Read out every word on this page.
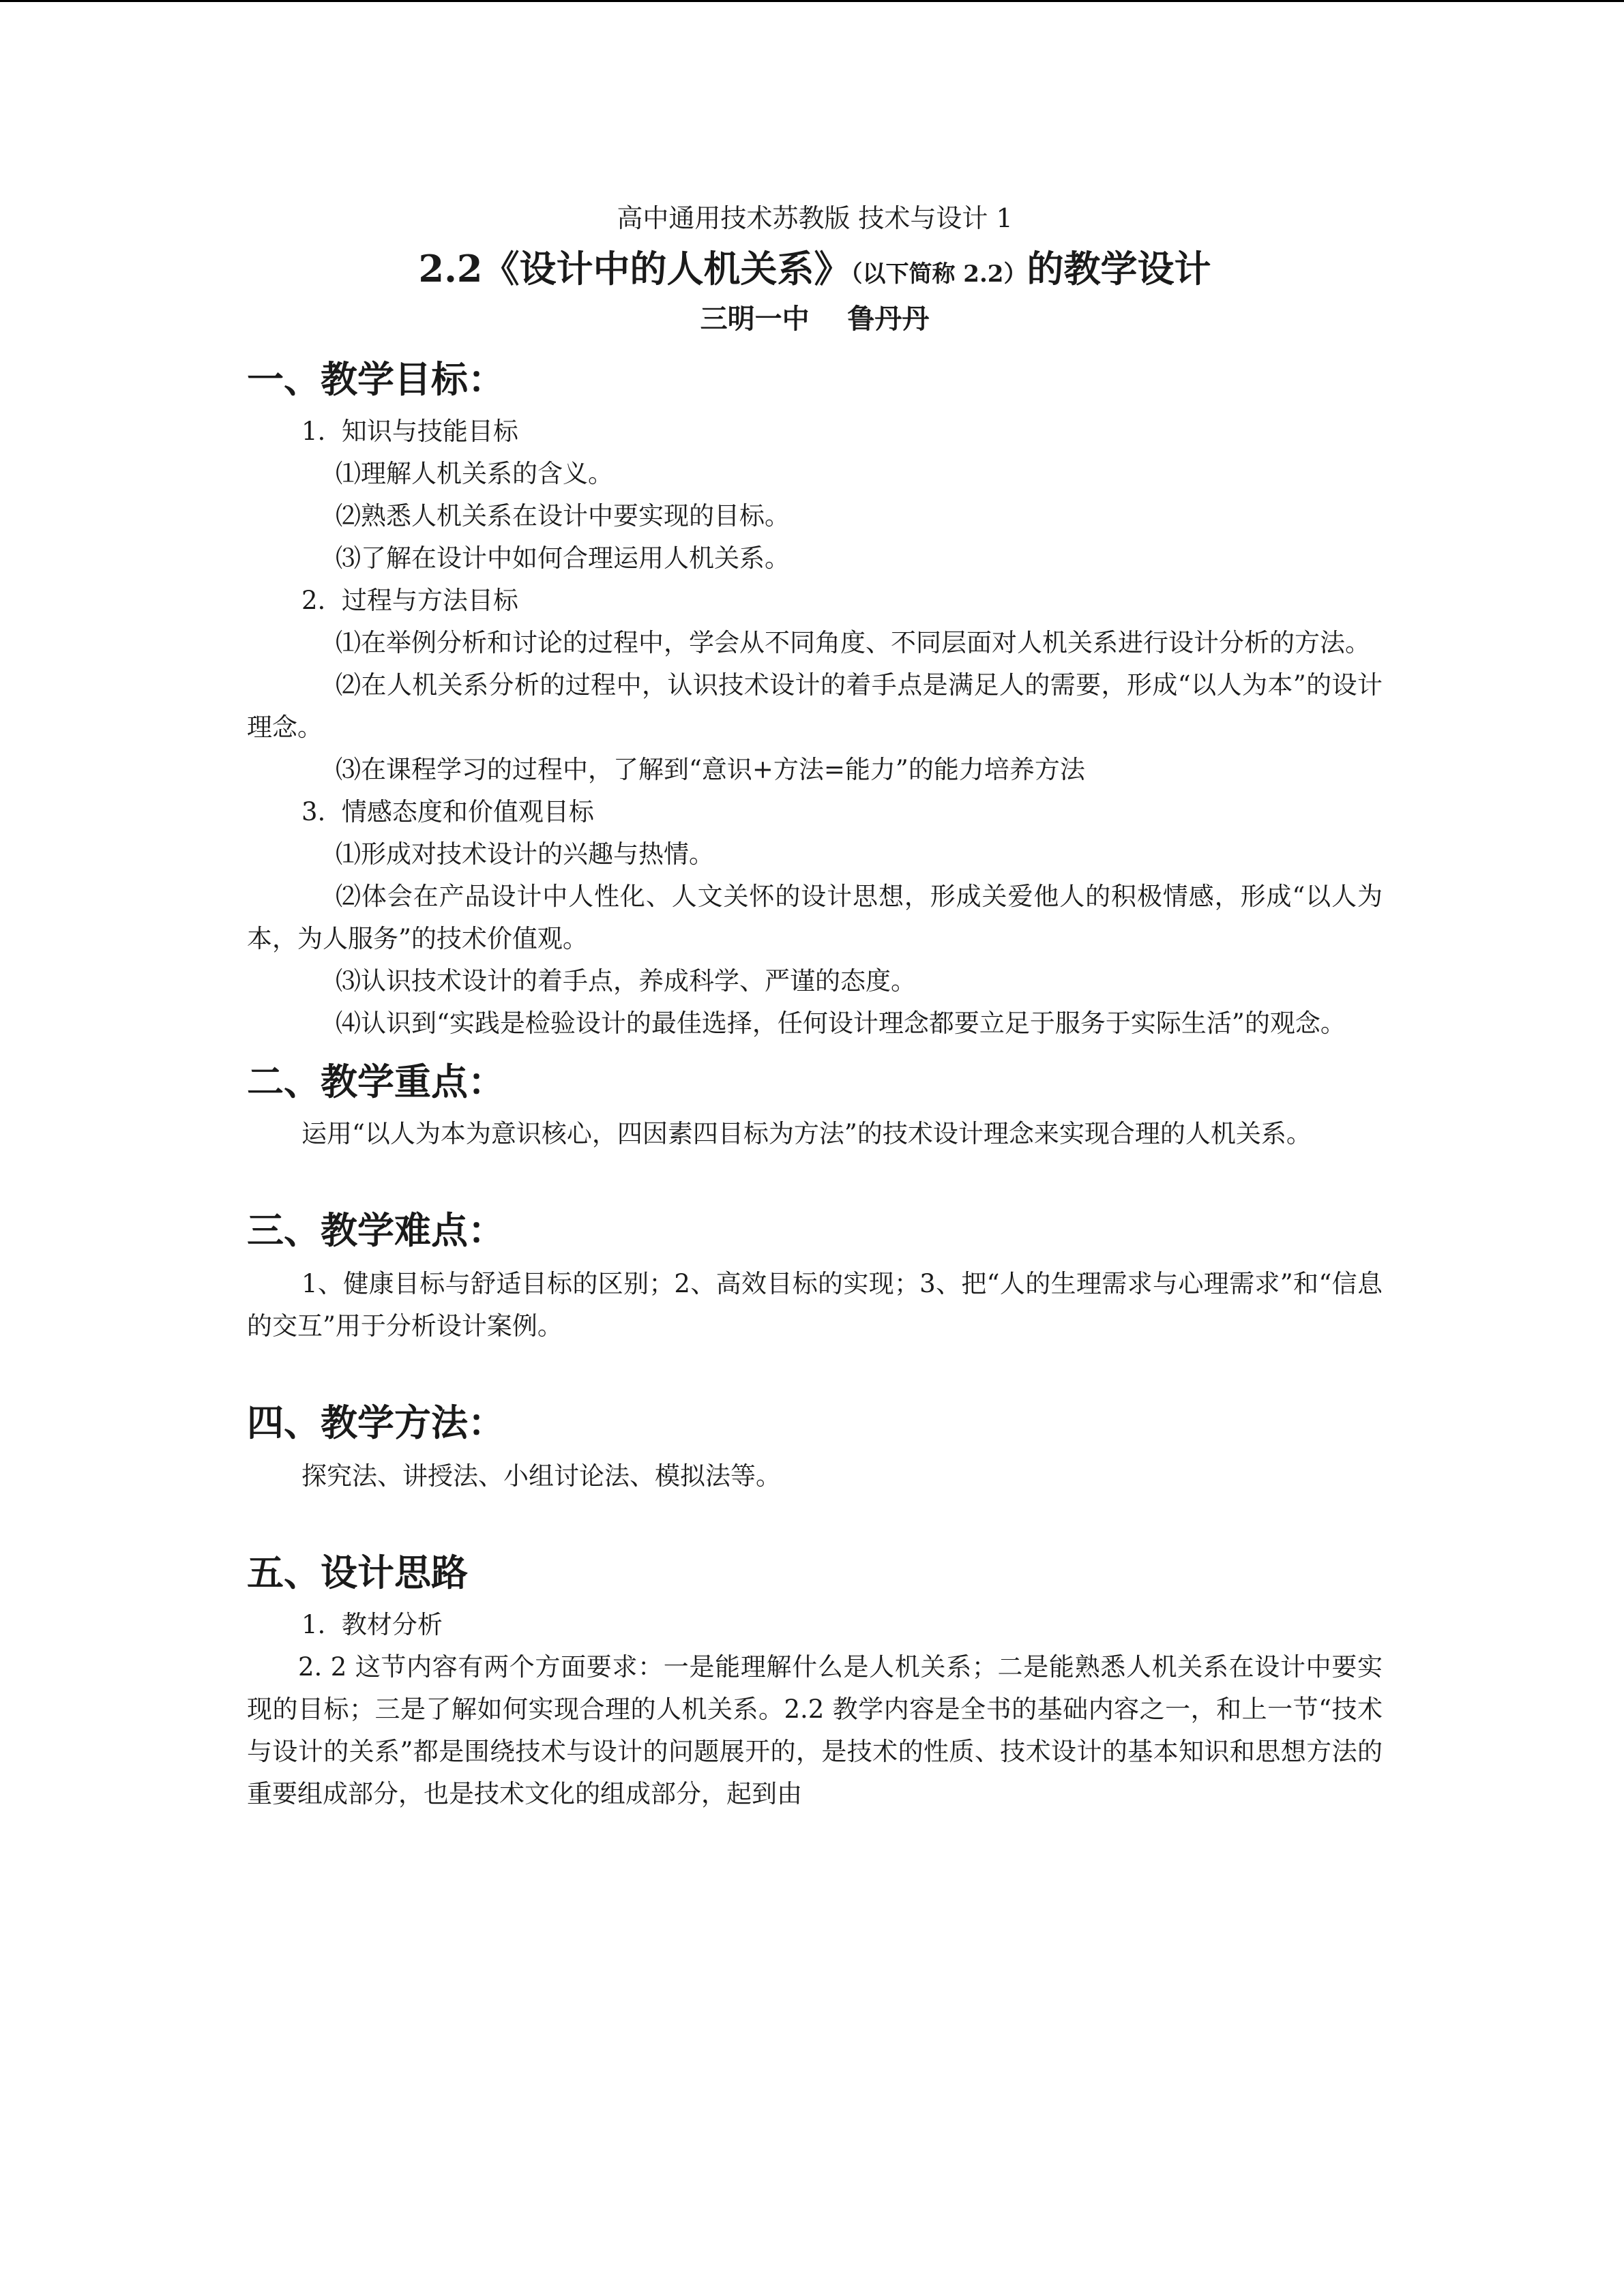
高中通用技术苏教版 技术与设计 1
2.2《设计中的人机关系》（以下简称 2.2）的教学设计
三明一中    鲁丹丹
一、教学目标：
1.  知识与技能目标
⑴理解人机关系的含义。
⑵熟悉人机关系在设计中要实现的目标。
⑶了解在设计中如何合理运用人机关系。
2.  过程与方法目标
⑴在举例分析和讨论的过程中，学会从不同角度、不同层面对人机关系进行设计分析的方法。
⑵在人机关系分析的过程中，认识技术设计的着手点是满足人的需要，形成“以人为本”的设计理念。
⑶在课程学习的过程中，了解到“意识+方法=能力”的能力培养方法
3.  情感态度和价值观目标
⑴形成对技术设计的兴趣与热情。
⑵体会在产品设计中人性化、人文关怀的设计思想，形成关爱他人的积极情感，形成“以人为本，为人服务”的技术价值观。
⑶认识技术设计的着手点，养成科学、严谨的态度。
⑷认识到“实践是检验设计的最佳选择，任何设计理念都要立足于服务于实际生活”的观念。
二、教学重点：
运用“以人为本为意识核心，四因素四目标为方法”的技术设计理念来实现合理的人机关系。
三、教学难点：
1、健康目标与舒适目标的区别；2、高效目标的实现；3、把“人的生理需求与心理需求”和“信息的交互”用于分析设计案例。
四、教学方法：
探究法、讲授法、小组讨论法、模拟法等。
五、设计思路
1.  教材分析
2. 2 这节内容有两个方面要求：一是能理解什么是人机关系；二是能熟悉人机关系在设计中要实现的目标；三是了解如何实现合理的人机关系。2.2 教学内容是全书的基础内容之一，和上一节“技术与设计的关系”都是围绕技术与设计的问题展开的，是技术的性质、技术设计的基本知识和思想方法的重要组成部分，也是技术文化的组成部分，起到由
